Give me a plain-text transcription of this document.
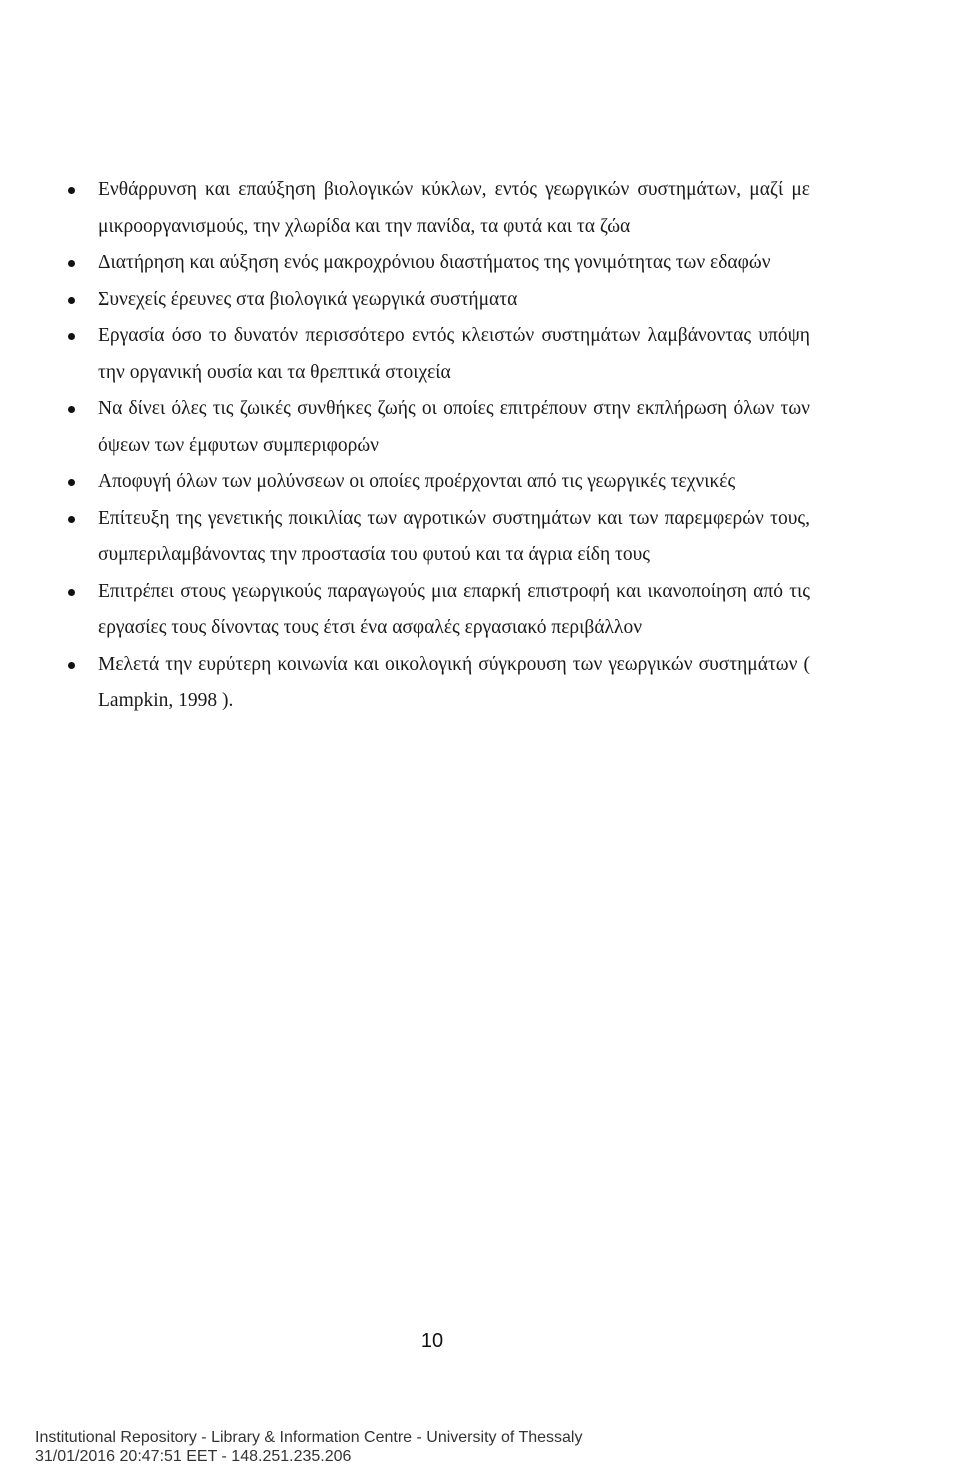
Ενθάρρυνση και επαύξηση βιολογικών κύκλων, εντός γεωργικών συστημάτων, μαζί με μικροοργανισμούς, την χλωρίδα και την πανίδα, τα φυτά και τα ζώα
Διατήρηση και αύξηση ενός μακροχρόνιου διαστήματος της γονιμότητας των εδαφών
Συνεχείς έρευνες στα βιολογικά γεωργικά συστήματα
Εργασία όσο το δυνατόν περισσότερο εντός κλειστών συστημάτων λαμβάνοντας υπόψη την οργανική ουσία και τα θρεπτικά στοιχεία
Να δίνει όλες τις ζωικές συνθήκες ζωής οι οποίες επιτρέπουν στην εκπλήρωση όλων των όψεων των έμφυτων συμπεριφορών
Αποφυγή όλων των μολύνσεων οι οποίες προέρχονται από τις γεωργικές τεχνικές
Επίτευξη της γενετικής ποικιλίας των αγροτικών συστημάτων και των παρεμφερών τους, συμπεριλαμβάνοντας την προστασία του φυτού και τα άγρια είδη τους
Επιτρέπει στους γεωργικούς παραγωγούς μια επαρκή επιστροφή και ικανοποίηση από τις εργασίες τους δίνοντας τους έτσι ένα ασφαλές εργασιακό περιβάλλον
Μελετά την ευρύτερη κοινωνία και οικολογική σύγκρουση των γεωργικών συστημάτων ( Lampkin, 1998 ).
10
Institutional Repository - Library & Information Centre - University of Thessaly
31/01/2016 20:47:51 EET - 148.251.235.206
